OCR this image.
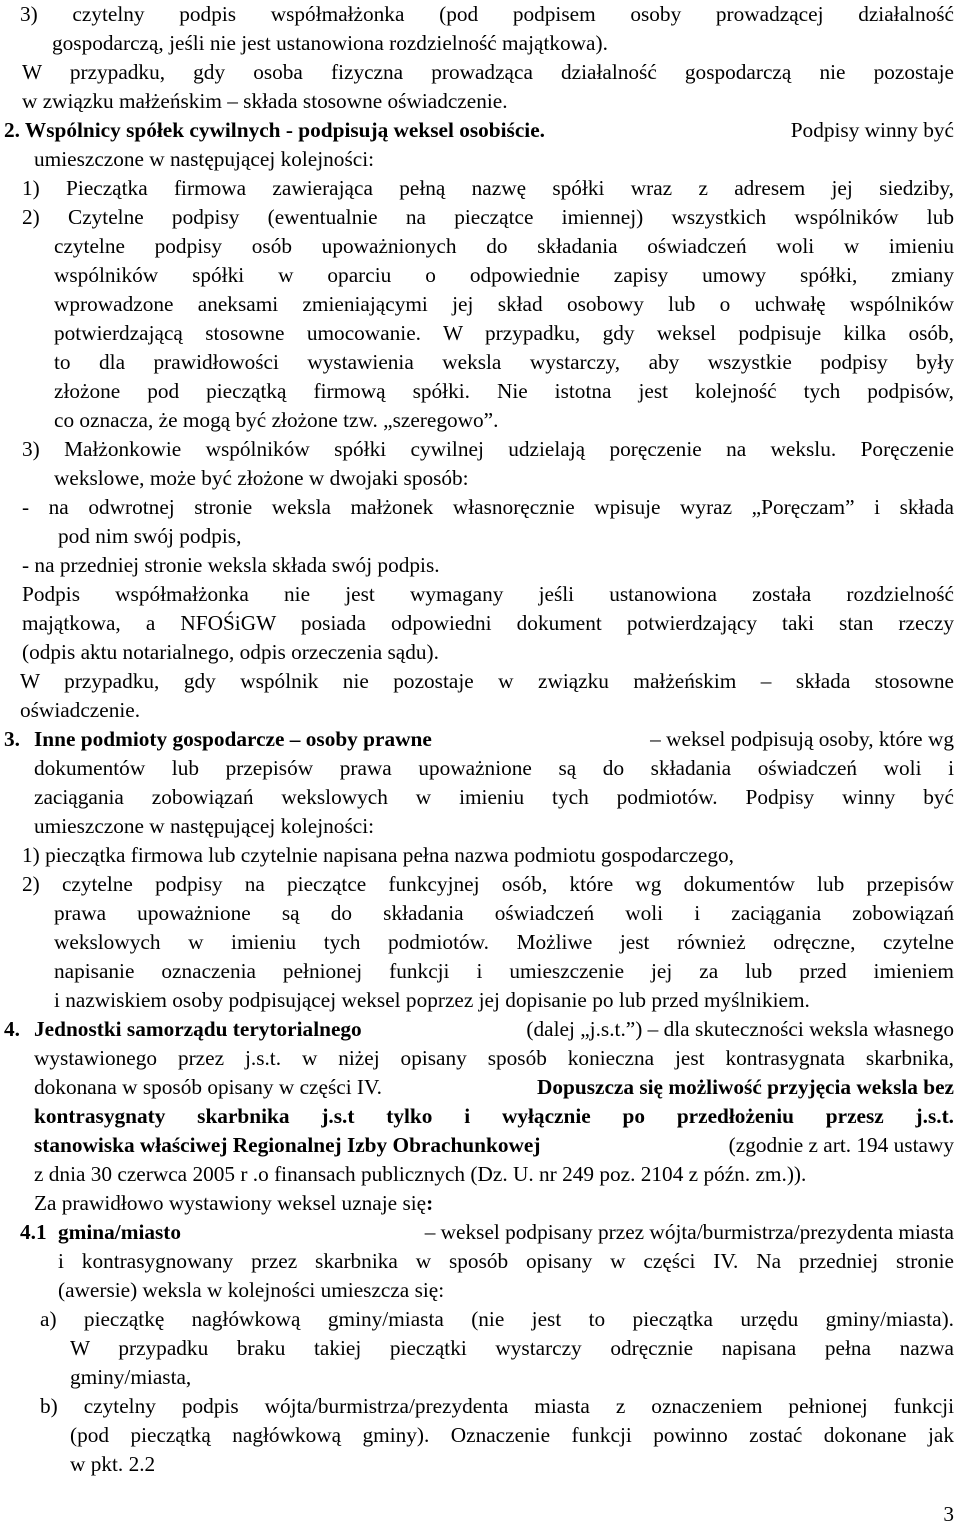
3) czytelny podpis współmałżonka (pod podpisem osoby prowadzącej działalność
gospodarczą, jeśli nie jest ustanowiona rozdzielność majątkowa).
W przypadku, gdy osoba fizyczna prowadząca działalność gospodarczą nie pozostaje
w związku małżeńskim – składa stosowne oświadczenie.
2. Wspólnicy spółek cywilnych - podpisują weksel osobiście.	Podpisy winny być
umieszczone w następującej kolejności:
1) Pieczątka firmowa zawierająca pełną nazwę spółki wraz z adresem jej siedziby,
2) Czytelne podpisy (ewentualnie na pieczątce imiennej) wszystkich wspólników lub
czytelne podpisy osób upoważnionych do składania oświadczeń woli w imieniu
wspólników spółki w oparciu o odpowiednie zapisy umowy spółki, zmiany
wprowadzone aneksami zmieniającymi jej skład osobowy lub o uchwałę wspólników
potwierdzającą stosowne umocowanie. W przypadku, gdy weksel podpisuje kilka osób,
to dla prawidłowości wystawienia weksla wystarczy, aby wszystkie podpisy były
złożone pod pieczątką firmową spółki. Nie istotna jest kolejność tych podpisów,
co oznacza, że mogą być złożone tzw. „szeregowo”.
3) Małżonkowie wspólników spółki cywilnej udzielają poręczenie na wekslu. Poręczenie
wekslowe, może być złożone w dwojaki sposób:
- na odwrotnej stronie weksla małżonek własnoręcznie wpisuje wyraz „Poręczam” i składa
pod nim swój podpis,
- na przedniej stronie weksla składa swój podpis.
Podpis współmałżonka nie jest wymagany jeśli ustanowiona została rozdzielność
majątkowa, a NFOŚiGW posiada odpowiedni dokument potwierdzający taki stan rzeczy
(odpis aktu notarialnego, odpis orzeczenia sądu).
W przypadku, gdy wspólnik nie pozostaje w związku małżeńskim – składa stosowne
oświadczenie.
3. Inne podmioty gospodarcze – osoby prawne	– weksel podpisują osoby, które wg
dokumentów lub przepisów prawa upoważnione są do składania oświadczeń woli i
zaciągania zobowiązań wekslowych w imieniu tych podmiotów. Podpisy winny być
umieszczone w następującej kolejności:
1) pieczątka firmowa lub czytelnie napisana pełna nazwa podmiotu gospodarczego,
2) czytelne podpisy na pieczątce funkcyjnej osób, które wg dokumentów lub przepisów
prawa upoważnione są do składania oświadczeń woli i zaciągania zobowiązań
wekslowych w imieniu tych podmiotów. Możliwe jest również odręczne, czytelne
napisanie oznaczenia pełnionej funkcji i umieszczenie jej za lub przed imieniem
i nazwiskiem osoby podpisującej weksel poprzez jej dopisanie po lub przed myślnikiem.
4. Jednostki samorządu terytorialnego	(dalej „j.s.t.”) – dla skuteczności weksla własnego
wystawionego przez j.s.t. w niżej opisany sposób konieczna jest kontrasygnata skarbnika,
dokonana w sposób opisany w części IV.	Dopuszcza się możliwość przyjęcia weksla bez
kontrasygnaty skarbnika j.s.t tylko i wyłącznie po przedłożeniu przesz j.s.t.
stanowiska właściwej Regionalnej Izby Obrachunkowej	(zgodnie z art. 194 ustawy
z dnia 30 czerwca 2005 r .o finansach publicznych (Dz. U. nr 249 poz. 2104 z późn. zm.)).
Za prawidłowo wystawiony weksel uznaje się:
4.1 gmina/miasto	– weksel podpisany przez wójta/burmistrza/prezydenta miasta
i kontrasygnowany przez skarbnika w sposób opisany w części IV. Na przedniej stronie
(awersie) weksla w kolejności umieszcza się:
a) pieczątkę nagłówkową gminy/miasta (nie jest to pieczątka urzędu gminy/miasta).
W przypadku braku takiej pieczątki wystarczy odręcznie napisana pełna nazwa
gminy/miasta,
b) czytelny podpis wójta/burmistrza/prezydenta miasta z oznaczeniem pełnionej funkcji
(pod pieczątką nagłówkową gminy). Oznaczenie funkcji powinno zostać dokonane jak
w pkt. 2.2
3
